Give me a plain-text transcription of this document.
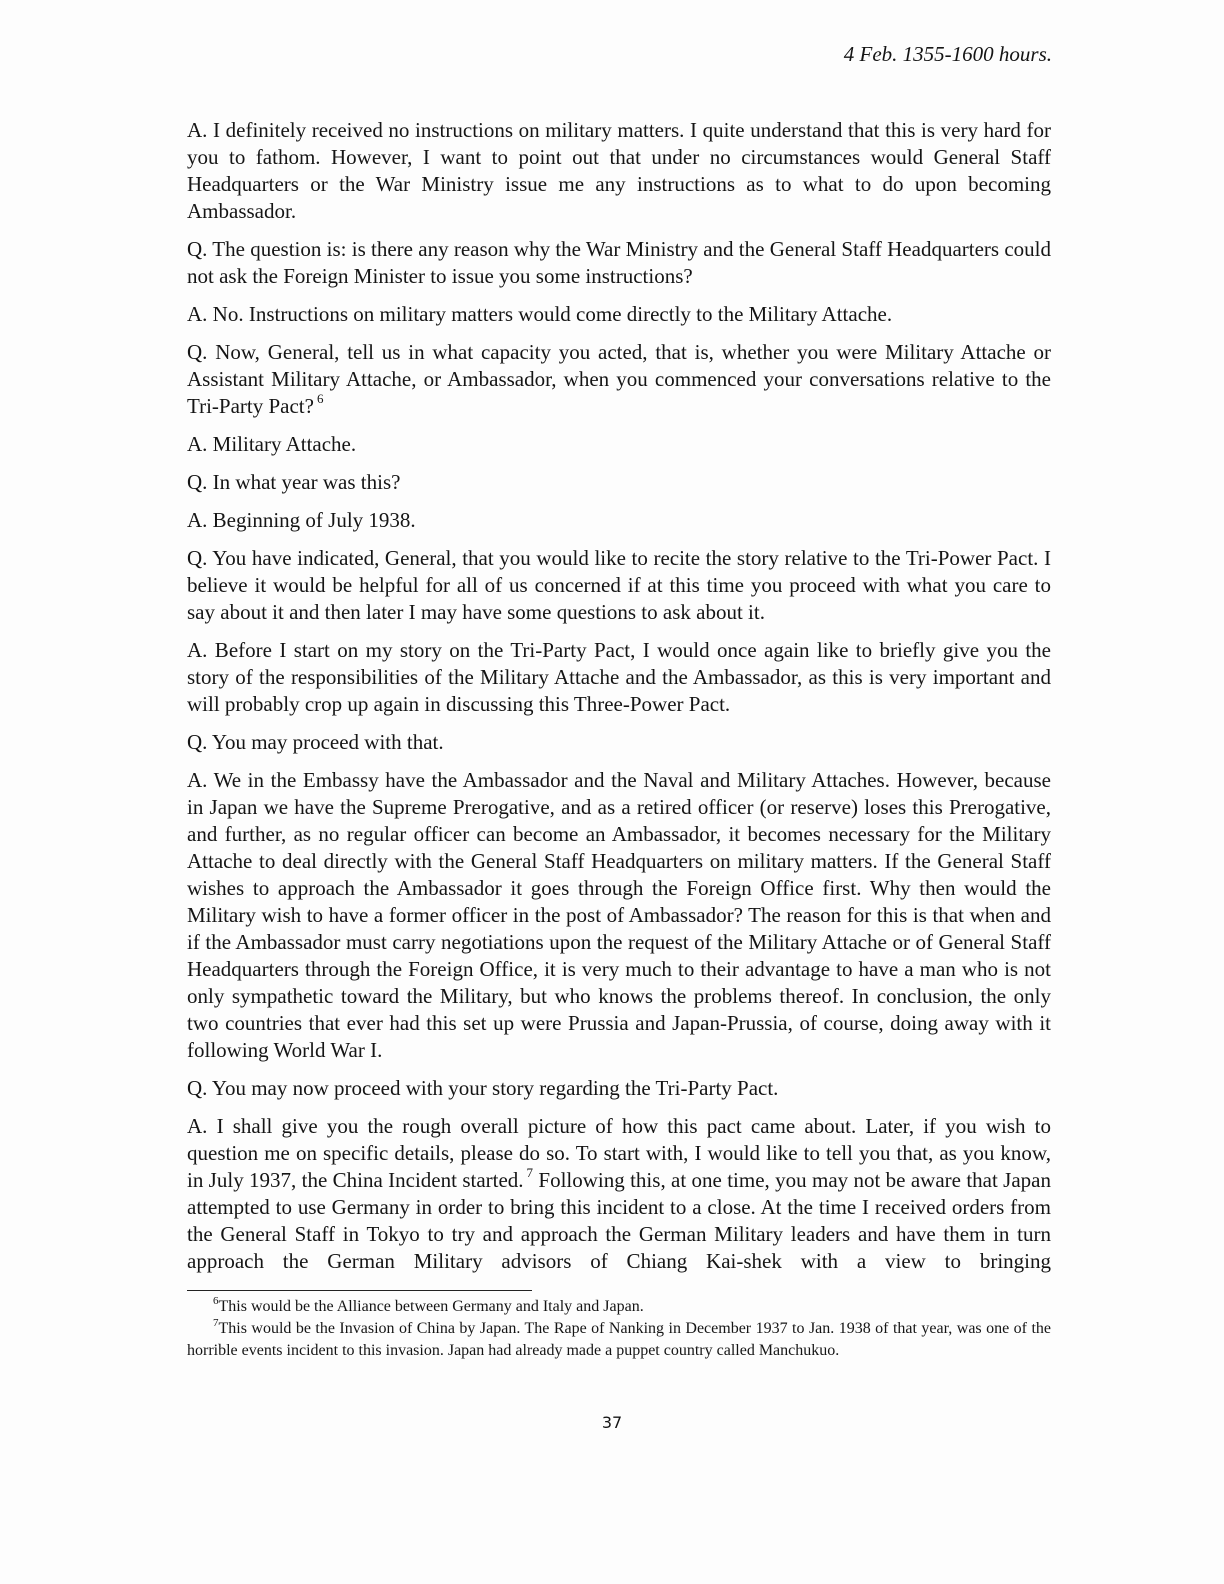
4 Feb. 1355-1600 hours.

A. I definitely received no instructions on military matters. I quite understand that this is very hard for you to fathom. However, I want to point out that under no circumstances would General Staff Headquarters or the War Ministry issue me any instructions as to what to do upon becoming Ambassador.

Q. The question is: is there any reason why the War Ministry and the General Staff Headquarters could not ask the Foreign Minister to issue you some instructions?

A. No. Instructions on military matters would come directly to the Military Attache.

Q. Now, General, tell us in what capacity you acted, that is, whether you were Military Attache or Assistant Military Attache, or Ambassador, when you commenced your conversations relative to the Tri-Party Pact? $^6$

A. Military Attache.

Q. In what year was this?

A. Beginning of July 1938.

Q. You have indicated, General, that you would like to recite the story relative to the Tri-Power Pact. I believe it would be helpful for all of us concerned if at this time you proceed with what you care to say about it and then later I may have some questions to ask about it.

A. Before I start on my story on the Tri-Party Pact, I would once again like to briefly give you the story of the responsibilities of the Military Attache and the Ambassador, as this is very important and will probably crop up again in discussing this Three-Power Pact.

Q. You may proceed with that.

A. We in the Embassy have the Ambassador and the Naval and Military Attaches. However, because in Japan we have the Supreme Prerogative, and as a retired officer (or reserve) loses this Prerogative, and further, as no regular officer can become an Ambassador, it becomes necessary for the Military Attache to deal directly with the General Staff Headquarters on military matters. If the General Staff wishes to approach the Ambassador it goes through the Foreign Office first. Why then would the Military wish to have a former officer in the post of Ambassador? The reason for this is that when and if the Ambassador must carry negotiations upon the request of the Military Attache or of General Staff Headquarters through the Foreign Office, it is very much to their advantage to have a man who is not only sympathetic toward the Military, but who knows the problems thereof. In conclusion, the only two countries that ever had this set up were Prussia and Japan-Prussia, of course, doing away with it following World War I.

Q. You may now proceed with your story regarding the Tri-Party Pact.

A. I shall give you the rough overall picture of how this pact came about. Later, if you wish to question me on specific details, please do so. To start with, I would like to tell you that, as you know, in July 1937, the China Incident started. $^7$ Following this, at one time, you may not be aware that Japan attempted to use Germany in order to bring this incident to a close. At the time I received orders from the General Staff in Tokyo to try and approach the German Military leaders and have them in turn approach the German Military advisors of Chiang Kai-shek with a view to bringing

$^6$This would be the Alliance between Germany and Italy and Japan.

$^7$This would be the Invasion of China by Japan. The Rape of Nanking in December 1937 to Jan. 1938 of that year, was one of the horrible events incident to this invasion. Japan had already made a puppet country called Manchukuo.

37
